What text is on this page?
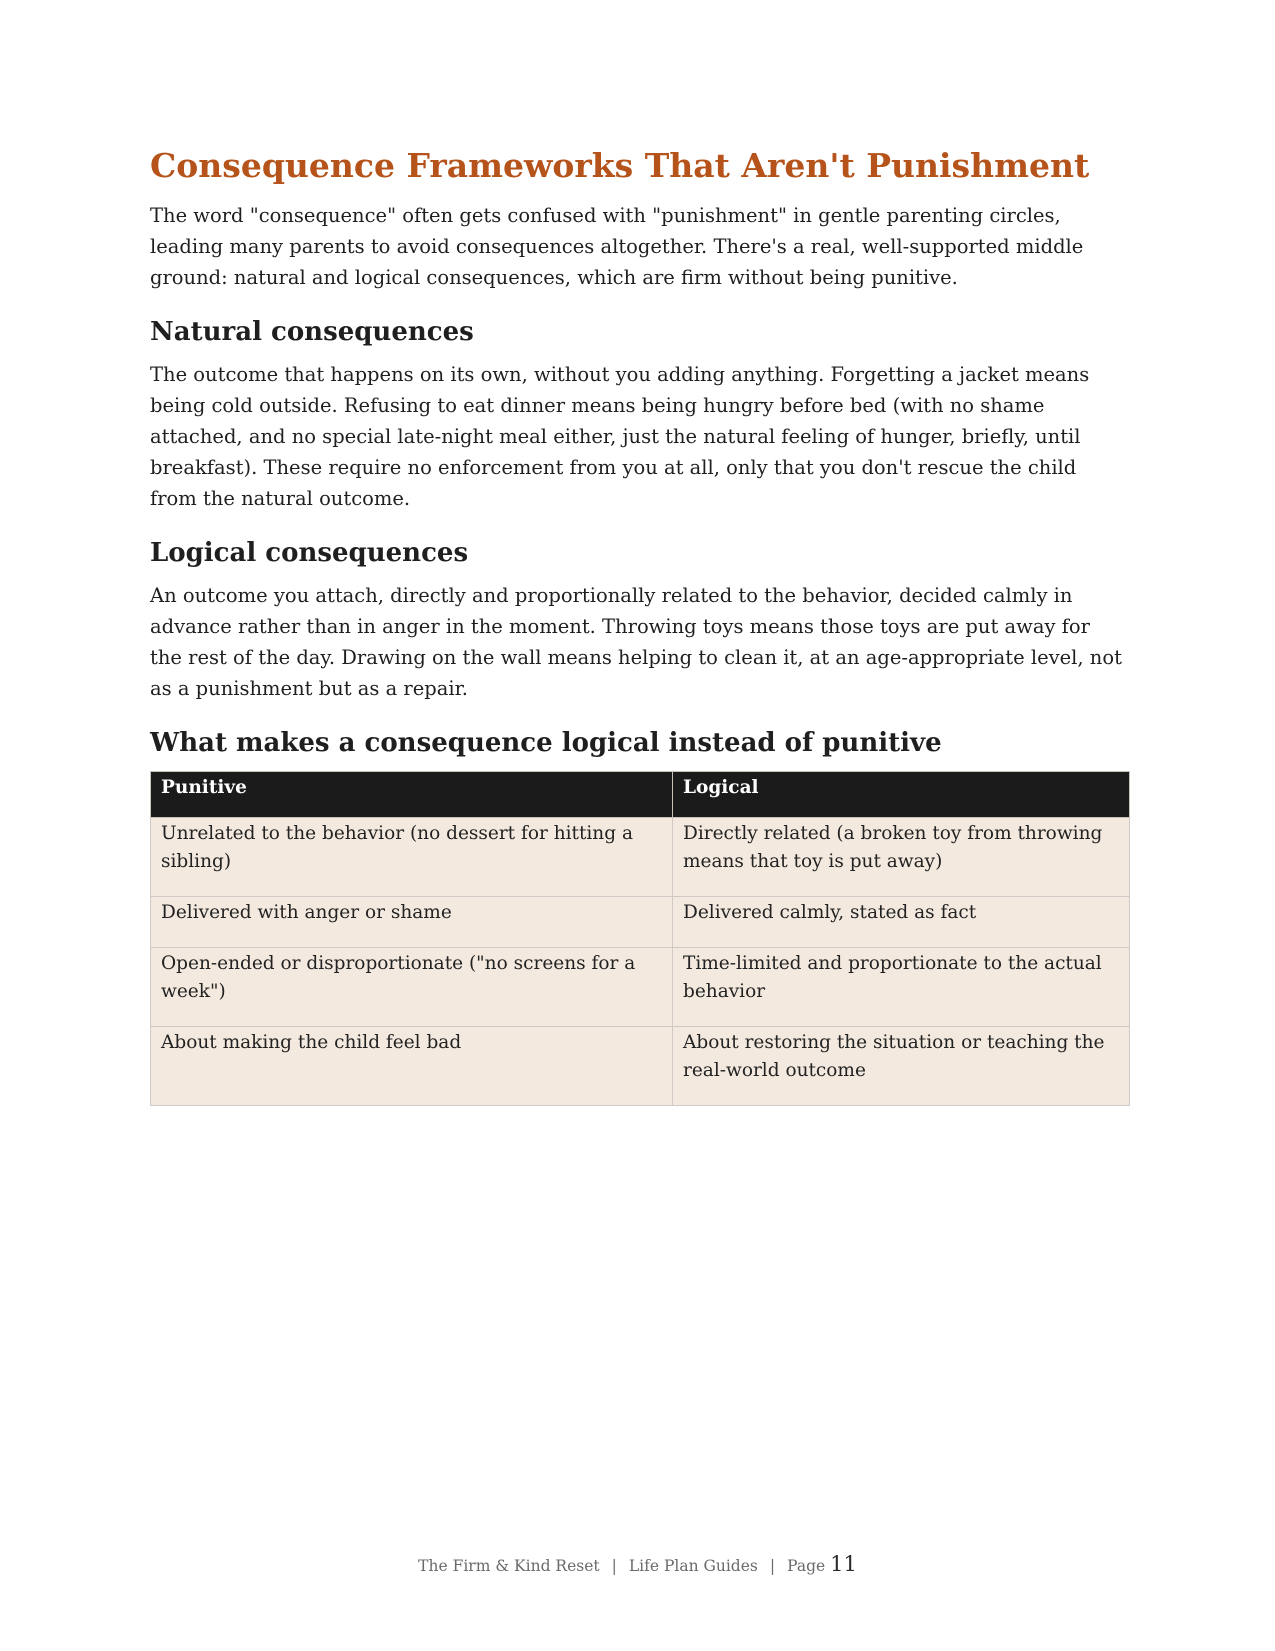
Consequence Frameworks That Aren't Punishment

The word "consequence" often gets confused with "punishment" in gentle parenting circles, leading many parents to avoid consequences altogether. There's a real, well-supported middle ground: natural and logical consequences, which are firm without being punitive.

Natural consequences

The outcome that happens on its own, without you adding anything. Forgetting a jacket means being cold outside. Refusing to eat dinner means being hungry before bed (with no shame attached, and no special late-night meal either, just the natural feeling of hunger, briefly, until breakfast). These require no enforcement from you at all, only that you don't rescue the child from the natural outcome.

Logical consequences

An outcome you attach, directly and proportionally related to the behavior, decided calmly in advance rather than in anger in the moment. Throwing toys means those toys are put away for the rest of the day. Drawing on the wall means helping to clean it, at an age-appropriate level, not as a punishment but as a repair.

What makes a consequence logical instead of punitive
Punitive	Logical
Unrelated to the behavior (no dessert for hitting a sibling)	Directly related (a broken toy from throwing means that toy is put away)
Delivered with anger or shame	Delivered calmly, stated as fact
Open-ended or disproportionate ("no screens for a week")	Time-limited and proportionate to the actual behavior
About making the child feel bad	About restoring the situation or teaching the real-world outcome
The Firm & Kind Reset | Life Plan Guides | Page 11
